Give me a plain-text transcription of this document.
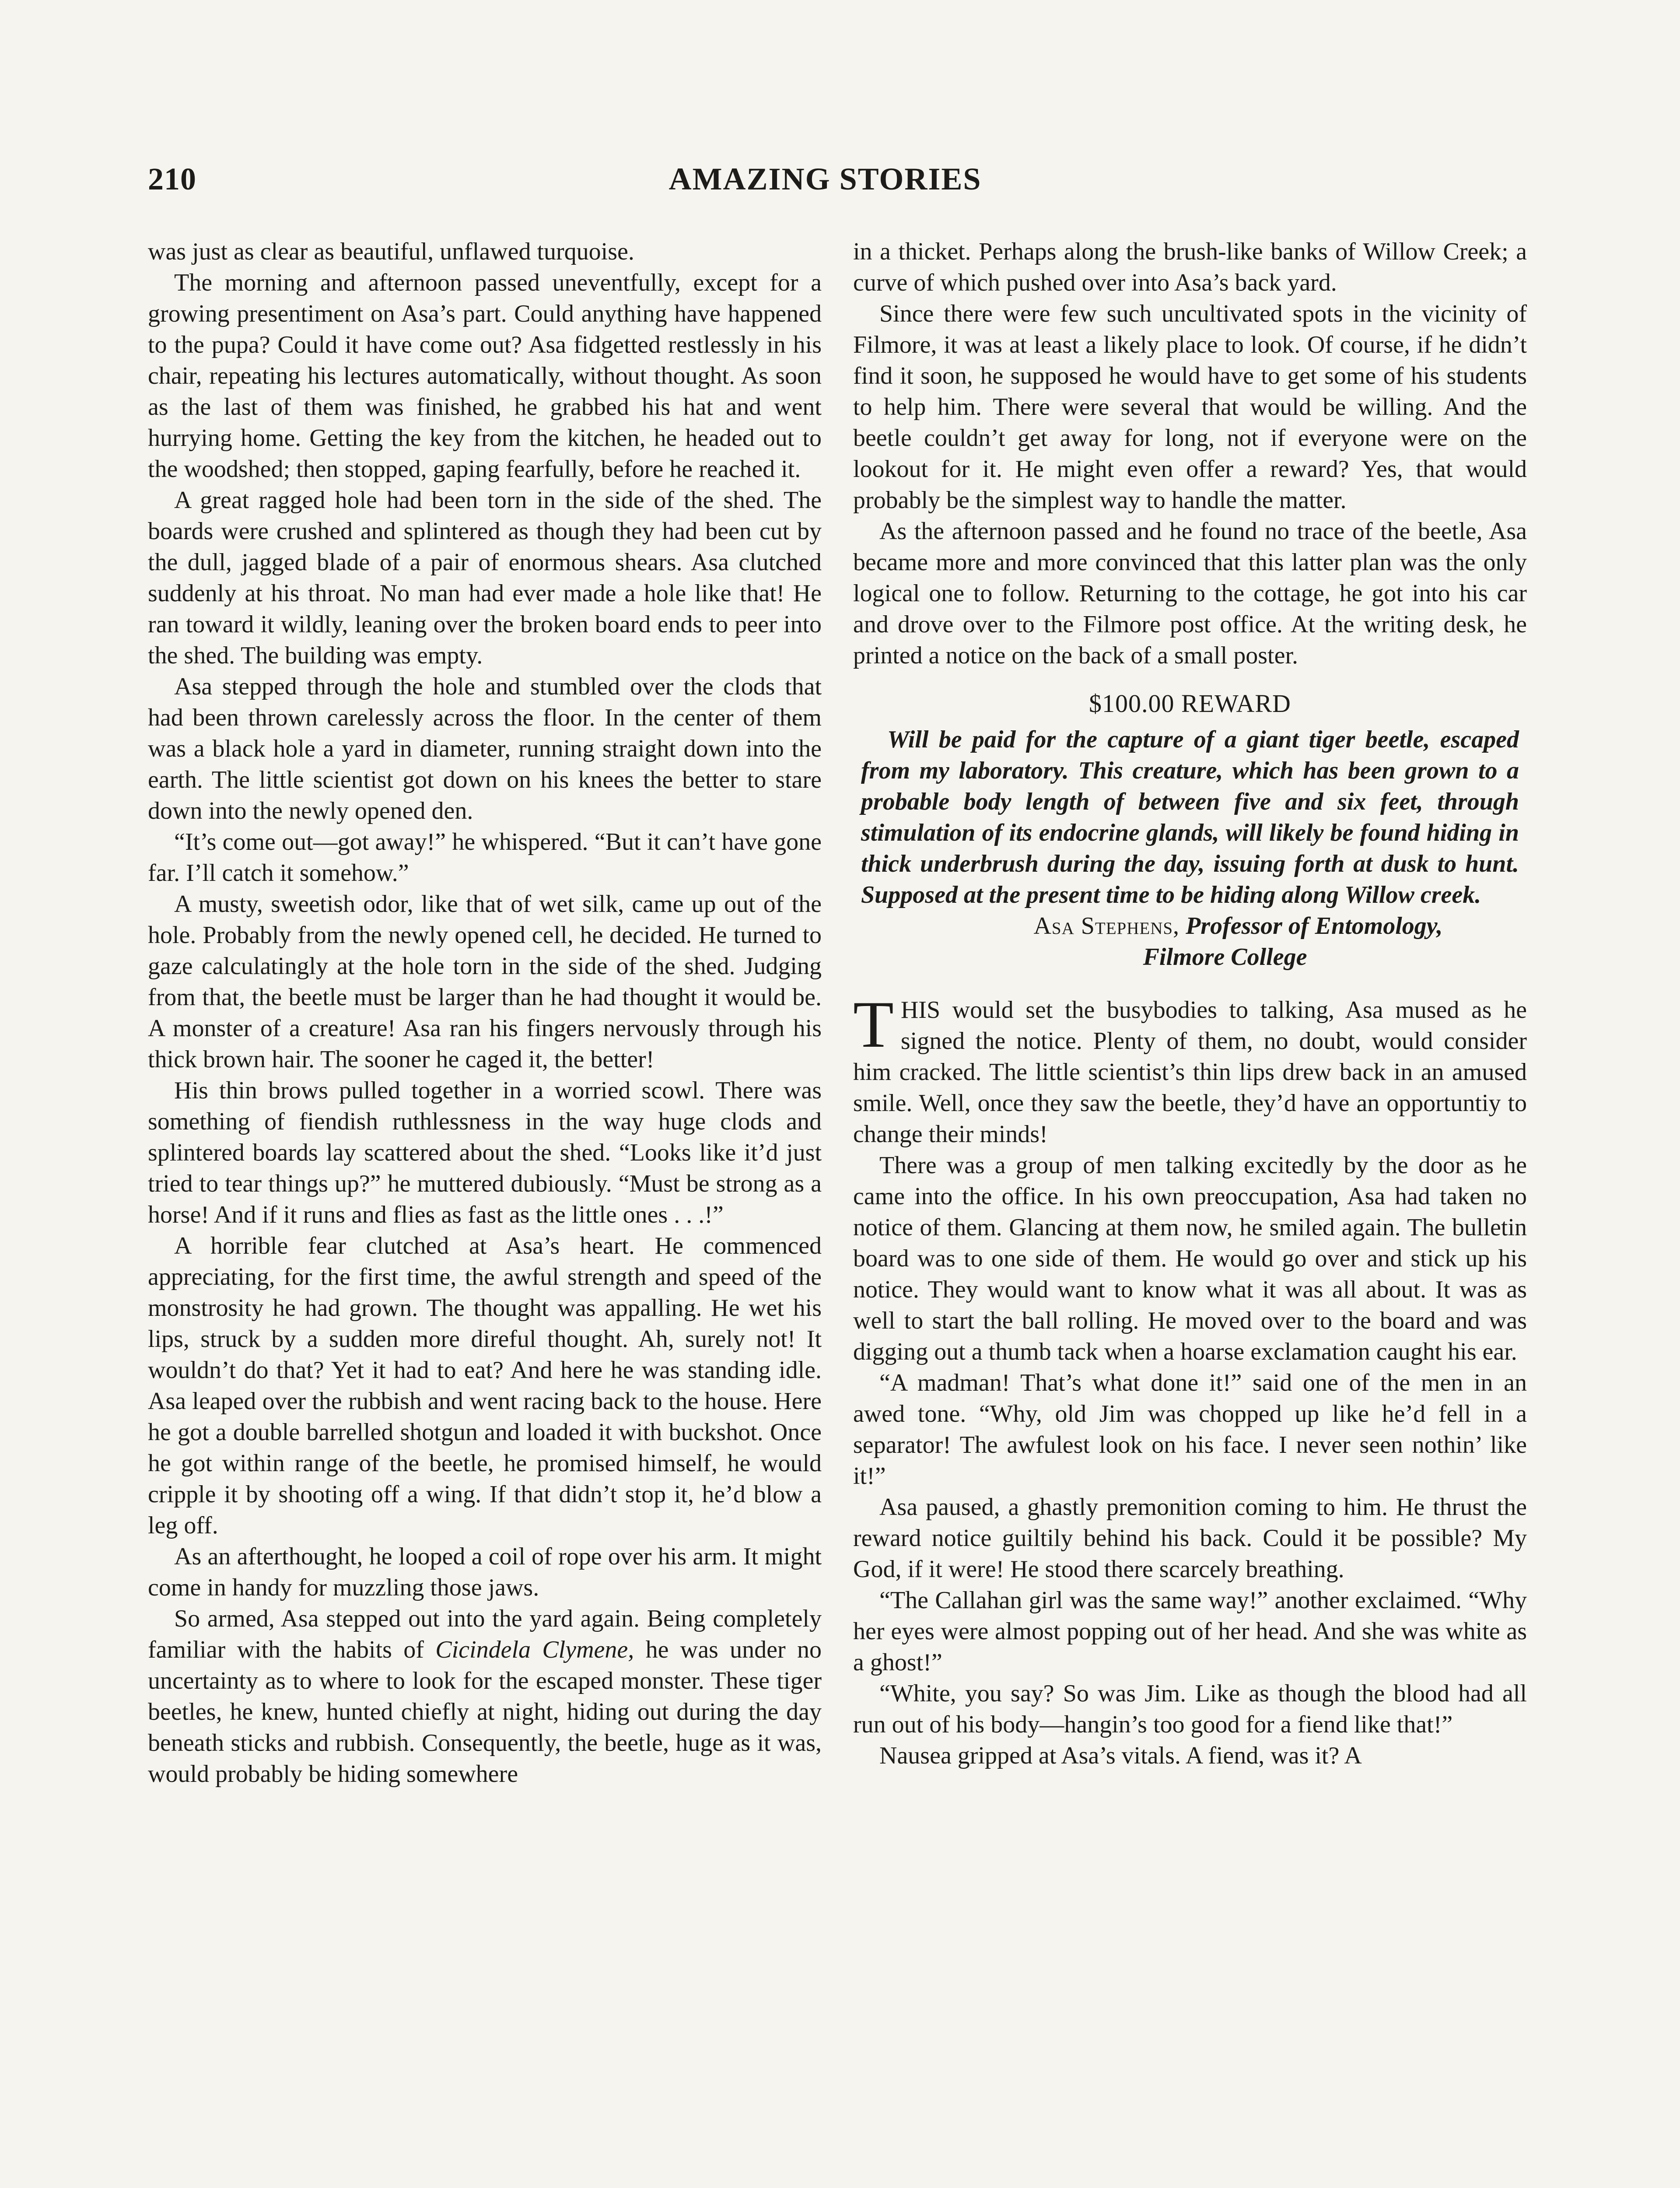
210	AMAZING STORIES

was just as clear as beautiful, unflawed turquoise.

The morning and afternoon passed uneventfully, except for a growing presentiment on Asa’s part. Could anything have happened to the pupa? Could it have come out? Asa fidgetted restlessly in his chair, repeating his lectures automatically, without thought. As soon as the last of them was finished, he grabbed his hat and went hurrying home. Getting the key from the kitchen, he headed out to the woodshed; then stopped, gaping fearfully, before he reached it.

A great ragged hole had been torn in the side of the shed. The boards were crushed and splintered as though they had been cut by the dull, jagged blade of a pair of enormous shears. Asa clutched suddenly at his throat. No man had ever made a hole like that! He ran toward it wildly, leaning over the broken board ends to peer into the shed. The building was empty.

Asa stepped through the hole and stumbled over the clods that had been thrown carelessly across the floor. In the center of them was a black hole a yard in diameter, running straight down into the earth. The little scientist got down on his knees the better to stare down into the newly opened den.

“It’s come out—got away!” he whispered. “But it can’t have gone far. I’ll catch it somehow.”

A musty, sweetish odor, like that of wet silk, came up out of the hole. Probably from the newly opened cell, he decided. He turned to gaze calculatingly at the hole torn in the side of the shed. Judging from that, the beetle must be larger than he had thought it would be. A monster of a creature! Asa ran his fingers nervously through his thick brown hair. The sooner he caged it, the better!

His thin brows pulled together in a worried scowl. There was something of fiendish ruthlessness in the way huge clods and splintered boards lay scattered about the shed. “Looks like it’d just tried to tear things up?” he muttered dubiously. “Must be strong as a horse! And if it runs and flies as fast as the little ones . . .!”

A horrible fear clutched at Asa’s heart. He commenced appreciating, for the first time, the awful strength and speed of the monstrosity he had grown. The thought was appalling. He wet his lips, struck by a sudden more direful thought. Ah, surely not! It wouldn’t do that? Yet it had to eat? And here he was standing idle. Asa leaped over the rubbish and went racing back to the house. Here he got a double barrelled shotgun and loaded it with buckshot. Once he got within range of the beetle, he promised himself, he would cripple it by shooting off a wing. If that didn’t stop it, he’d blow a leg off.

As an afterthought, he looped a coil of rope over his arm. It might come in handy for muzzling those jaws.

So armed, Asa stepped out into the yard again. Being completely familiar with the habits of Cicindela Clymene, he was under no uncertainty as to where to look for the escaped monster. These tiger beetles, he knew, hunted chiefly at night, hiding out during the day beneath sticks and rubbish. Consequently, the beetle, huge as it was, would probably be hiding somewhere

in a thicket. Perhaps along the brush-like banks of Willow Creek; a curve of which pushed over into Asa’s back yard.

Since there were few such uncultivated spots in the vicinity of Filmore, it was at least a likely place to look. Of course, if he didn’t find it soon, he supposed he would have to get some of his students to help him. There were several that would be willing. And the beetle couldn’t get away for long, not if everyone were on the lookout for it. He might even offer a reward? Yes, that would probably be the simplest way to handle the matter.

As the afternoon passed and he found no trace of the beetle, Asa became more and more convinced that this latter plan was the only logical one to follow. Returning to the cottage, he got into his car and drove over to the Filmore post office. At the writing desk, he printed a notice on the back of a small poster.

$100.00 REWARD

Will be paid for the capture of a giant tiger beetle, escaped from my laboratory. This creature, which has been grown to a probable body length of between five and six feet, through stimulation of its endocrine glands, will likely be found hiding in thick underbrush during the day, issuing forth at dusk to hunt. Supposed at the present time to be hiding along Willow creek.

Asa Stephens, Professor of Entomology,

Filmore College

THIS would set the busybodies to talking, Asa mused as he signed the notice. Plenty of them, no doubt, would consider him cracked. The little scientist’s thin lips drew back in an amused smile. Well, once they saw the beetle, they’d have an opportuntiy to change their minds!

There was a group of men talking excitedly by the door as he came into the office. In his own preoccupation, Asa had taken no notice of them. Glancing at them now, he smiled again. The bulletin board was to one side of them. He would go over and stick up his notice. They would want to know what it was all about. It was as well to start the ball rolling. He moved over to the board and was digging out a thumb tack when a hoarse exclamation caught his ear.

“A madman! That’s what done it!” said one of the men in an awed tone. “Why, old Jim was chopped up like he’d fell in a separator! The awfulest look on his face. I never seen nothin’ like it!”

Asa paused, a ghastly premonition coming to him. He thrust the reward notice guiltily behind his back. Could it be possible? My God, if it were! He stood there scarcely breathing.

“The Callahan girl was the same way!” another exclaimed. “Why her eyes were almost popping out of her head. And she was white as a ghost!”

“White, you say? So was Jim. Like as though the blood had all run out of his body—hangin’s too good for a fiend like that!”

Nausea gripped at Asa’s vitals. A fiend, was it? A
